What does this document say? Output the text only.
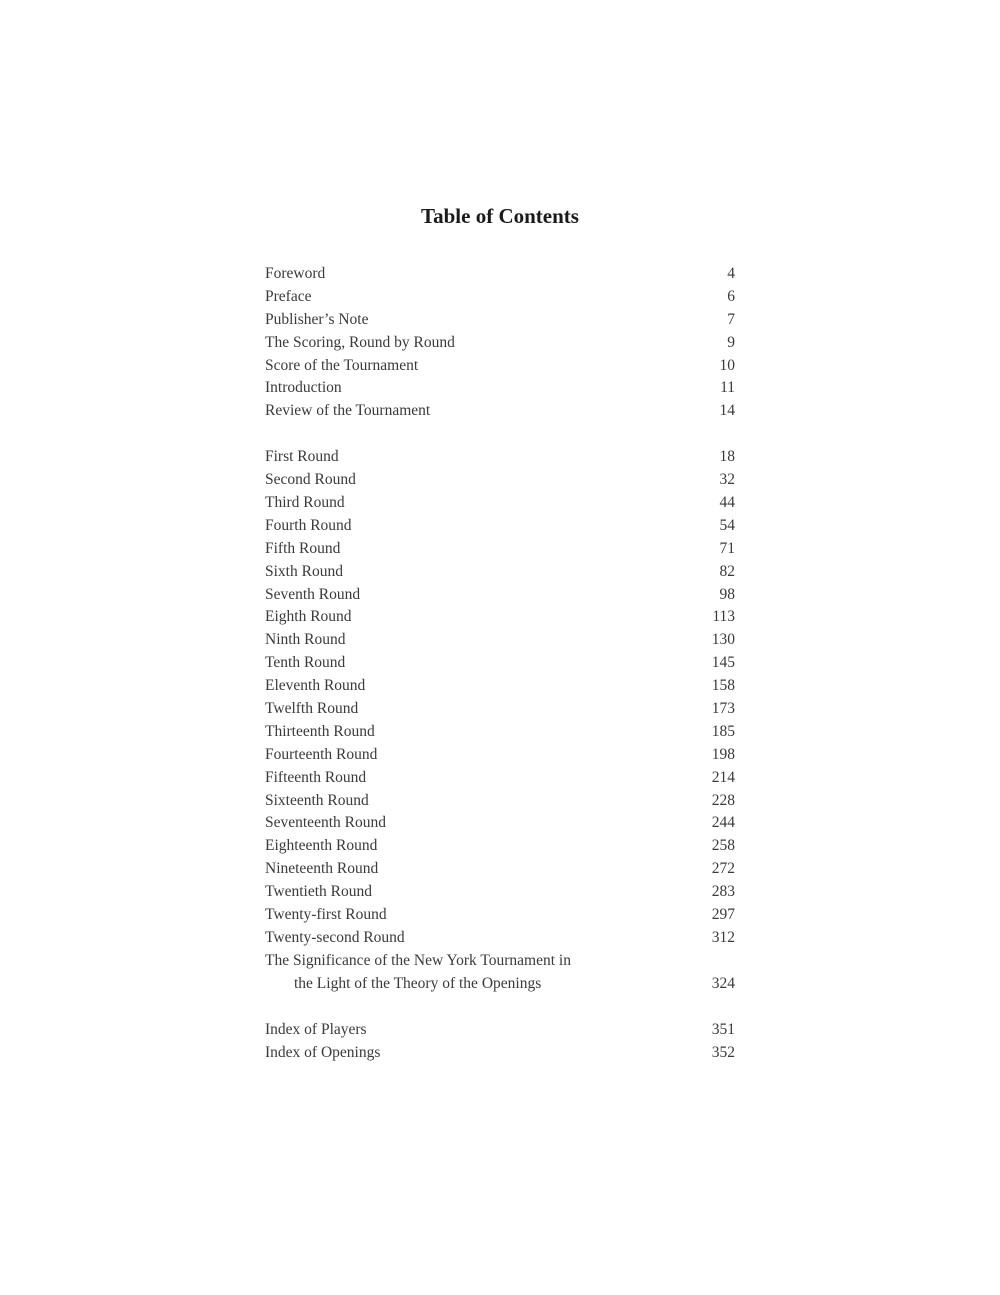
Table of Contents
Foreword	4
Preface	6
Publisher’s Note	7
The Scoring, Round by Round	9
Score of the Tournament	10
Introduction	11
Review of the Tournament	14
First Round	18
Second Round	32
Third Round	44
Fourth Round	54
Fifth Round	71
Sixth Round	82
Seventh Round	98
Eighth Round	113
Ninth Round	130
Tenth Round	145
Eleventh Round	158
Twelfth Round	173
Thirteenth Round	185
Fourteenth Round	198
Fifteenth Round	214
Sixteenth Round	228
Seventeenth Round	244
Eighteenth Round	258
Nineteenth Round	272
Twentieth Round	283
Twenty-first Round	297
Twenty-second Round	312
The Significance of the New York Tournament in
the Light of the Theory of the Openings	324
Index of Players	351
Index of Openings	352
